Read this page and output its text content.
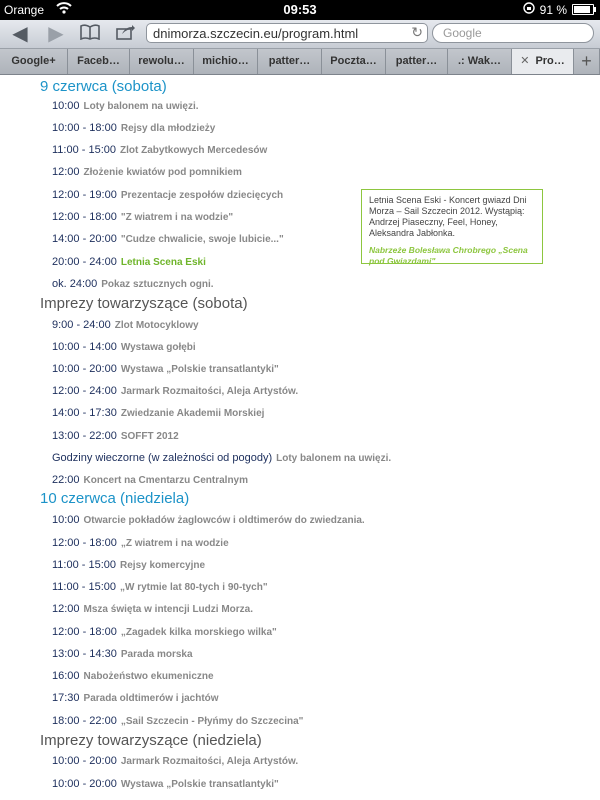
Orange	09:53	91 %
◀ ▶	dnimorza.szczecin.eu/program.html	↻	Google
Google+	Faceb…	rewolu…	michio…	patter…	Poczta…	patter…	.: Wak…	✕ Pro… +
9 czerwca (sobota)
10:00 Loty balonem na uwięzi.
10:00 - 18:00 Rejsy dla młodzieży
11:00 - 15:00 Zlot Zabytkowych Mercedesów
12:00 Złożenie kwiatów pod pomnikiem
12:00 - 19:00 Prezentacje zespołów dziecięcych
12:00 - 18:00 "Z wiatrem i na wodzie"
14:00 - 20:00 "Cudze chwalicie, swoje lubicie..."
20:00 - 24:00 Letnia Scena Eski
ok. 24:00 Pokaz sztucznych ogni.
Imprezy towarzyszące (sobota)
9:00 - 24:00 Zlot Motocyklowy
10:00 - 14:00 Wystawa gołębi
10:00 - 20:00 Wystawa „Polskie transatlantyki"
12:00 - 24:00 Jarmark Rozmaitości, Aleja Artystów.
14:00 - 17:30 Zwiedzanie Akademii Morskiej
13:00 - 22:00 SOFFT 2012
Godziny wieczorne (w zależności od pogody) Loty balonem na uwięzi.
22:00 Koncert na Cmentarzu Centralnym
10 czerwca (niedziela)
10:00 Otwarcie pokładów żaglowców i oldtimerów do zwiedzania.
12:00 - 18:00 „Z wiatrem i na wodzie
11:00 - 15:00 Rejsy komercyjne
11:00 - 15:00 „W rytmie lat 80-tych i 90-tych"
12:00 Msza święta w intencji Ludzi Morza.
12:00 - 18:00 „Zagadek kilka morskiego wilka"
13:00 - 14:30 Parada morska
16:00 Nabożeństwo ekumeniczne
17:30 Parada oldtimerów i jachtów
18:00 - 22:00 „Sail Szczecin - Płyńmy do Szczecina"
Imprezy towarzyszące (niedziela)
10:00 - 20:00 Jarmark Rozmaitości, Aleja Artystów.
10:00 - 20:00 Wystawa „Polskie transatlantyki"
Letnia Scena Eski - Koncert gwiazd Dni Morza – Sail Szczecin 2012. Wystąpią: Andrzej Piaseczny, Feel, Honey, Aleksandra Jabłonka.
Nabrzeże Bolesława Chrobrego „Scena pod Gwiazdami"
